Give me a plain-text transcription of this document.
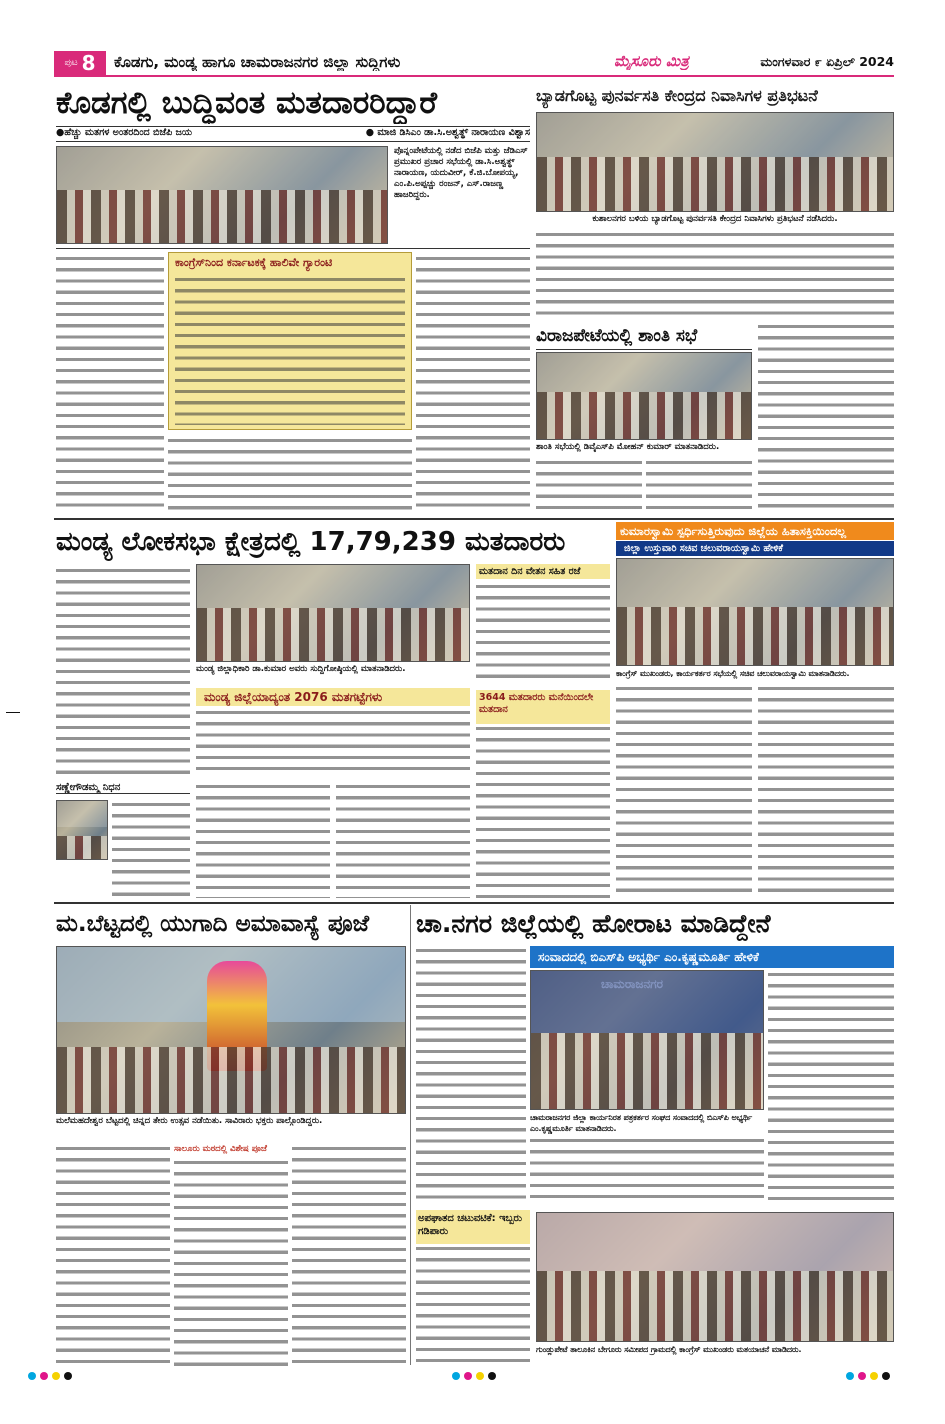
ಪುಟ 8 ಕೊಡಗು, ಮಂಡ್ಯ ಹಾಗೂ ಚಾಮರಾಜನಗರ ಜಿಲ್ಲಾ ಸುದ್ದಿಗಳು	ಮೈಸೂರು ಮಿತ್ರ	ಮಂಗಳವಾರ ೯ ಏಪ್ರಿಲ್ 2024
ಕೊಡಗಲ್ಲಿ ಬುದ್ಧಿವಂತ ಮತದಾರರಿದ್ದಾರೆ
●ಹೆಚ್ಚು ಮತಗಳ ಅಂತರದಿಂದ ಬಿಜೆಪಿ ಜಯ	● ಮಾಜಿ ಡಿಸಿಎಂ ಡಾ.ಸಿ.ಅಶ್ವತ್ಥ್ ನಾರಾಯಣ ವಿಶ್ವಾಸ
ಪೊನ್ನಂಪೇಟೆಯಲ್ಲಿ ನಡೆದ ಬಿಜೆಪಿ ಮತ್ತು ಜೆಡಿಎಸ್ ಪ್ರಮುಖರ ಪ್ರಚಾರ ಸಭೆಯಲ್ಲಿ ಡಾ.ಸಿ.ಅಶ್ವತ್ಥ್ ನಾರಾಯಣ, ಯದುವೀರ್, ಕೆ.ಜಿ.ಬೋಪಯ್ಯ, ಎಂ.ಪಿ.ಅಪ್ಪಚ್ಚು ರಂಜನ್, ಎಸ್.ರಾಜಣ್ಣ ಹಾಜರಿದ್ದರು.
ಕಾಂಗ್ರೆಸ್‌ನಿಂದ ಕರ್ನಾಟಕಕ್ಕೆ ಹಾಲಿವೇ ಗ್ಯಾರಂಟಿ
ಬ್ಯಾಡಗೊಟ್ಟ ಪುನರ್ವಸತಿ ಕೇಂದ್ರದ ನಿವಾಸಿಗಳ ಪ್ರತಿಭಟನೆ
ಕುಶಾಲನಗರ ಬಳಿಯ ಬ್ಯಾಡಗೊಟ್ಟ ಪುನರ್ವಸತಿ ಕೇಂದ್ರದ ನಿವಾಸಿಗಳು ಪ್ರತಿಭಟನೆ ನಡೆಸಿದರು.
ವಿರಾಜಪೇಟೆಯಲ್ಲಿ ಶಾಂತಿ ಸಭೆ
ಶಾಂತಿ ಸಭೆಯಲ್ಲಿ ಡಿವೈಎಸ್‌ಪಿ ಮೋಹನ್ ಕುಮಾರ್ ಮಾತನಾಡಿದರು.
ಮಂಡ್ಯ ಲೋಕಸಭಾ ಕ್ಷೇತ್ರದಲ್ಲಿ 17,79,239 ಮತದಾರರು
ಸಣ್ಣೇಗೌಡಮ್ಮ ನಿಧನ
ಮಂಡ್ಯ ಜಿಲ್ಲಾಧಿಕಾರಿ ಡಾ.ಕುಮಾರ ಅವರು ಸುದ್ದಿಗೋಷ್ಠಿಯಲ್ಲಿ ಮಾತನಾಡಿದರು.
ಮಂಡ್ಯ ಜಿಲ್ಲೆಯಾದ್ಯಂತ 2076 ಮತಗಟ್ಟೆಗಳು
ಮತದಾನ ದಿನ ವೇತನ ಸಹಿತ ರಜೆ
3644 ಮತದಾರರು ಮನೆಯಿಂದಲೇ ಮತದಾನ
ಕುಮಾರಸ್ವಾಮಿ ಸ್ಪರ್ಧಿಸುತ್ತಿರುವುದು ಜಿಲ್ಲೆಯ ಹಿತಾಸಕ್ತಿಯಿಂದಲ್ಲ
ಜಿಲ್ಲಾ ಉಸ್ತುವಾರಿ ಸಚಿವ ಚಲುವರಾಯಸ್ವಾಮಿ ಹೇಳಿಕೆ
ಕಾಂಗ್ರೆಸ್ ಮುಖಂಡರು, ಕಾರ್ಯಕರ್ತರ ಸಭೆಯಲ್ಲಿ ಸಚಿವ ಚಲುವರಾಯಸ್ವಾಮಿ ಮಾತನಾಡಿದರು.
ಮ.ಬೆಟ್ಟದಲ್ಲಿ ಯುಗಾದಿ ಅಮಾವಾಸ್ಯೆ ಪೂಜೆ
ಮಲೆಮಹದೇಶ್ವರ ಬೆಟ್ಟದಲ್ಲಿ ಚಿನ್ನದ ತೇರು ಉತ್ಸವ ನಡೆಯಿತು. ಸಾವಿರಾರು ಭಕ್ತರು ಪಾಲ್ಗೊಂಡಿದ್ದರು.
ಸಾಲೂರು ಮಠದಲ್ಲಿ ವಿಶೇಷ ಪೂಜೆ
ಚಾ.ನಗರ ಜಿಲ್ಲೆಯಲ್ಲಿ ಹೋರಾಟ ಮಾಡಿದ್ದೇನೆ
ಸಂವಾದದಲ್ಲಿ ಬಿಎಸ್‌ಪಿ ಅಭ್ಯರ್ಥಿ ಎಂ.ಕೃಷ್ಣಮೂರ್ತಿ ಹೇಳಿಕೆ
ಚಾಮರಾಜನಗರ ಜಿಲ್ಲಾ ಕಾರ್ಯನಿರತ ಪತ್ರಕರ್ತರ ಸಂಘದ ಸಂವಾದದಲ್ಲಿ ಬಿಎಸ್‌ಪಿ ಅಭ್ಯರ್ಥಿ ಎಂ.ಕೃಷ್ಣಮೂರ್ತಿ ಮಾತನಾಡಿದರು.
ಅಪಘಾತದ ಚಟುವಟಿಕೆ: ಇಬ್ಬರು ಗಡಿಪಾರು
ಗುಂಡ್ಲುಪೇಟೆ ತಾಲೂಕಿನ ಬೇಗೂರು ಸಮೀಪದ ಗ್ರಾಮದಲ್ಲಿ ಕಾಂಗ್ರೆಸ್ ಮುಖಂಡರು ಮತಯಾಚನೆ ಮಾಡಿದರು.
